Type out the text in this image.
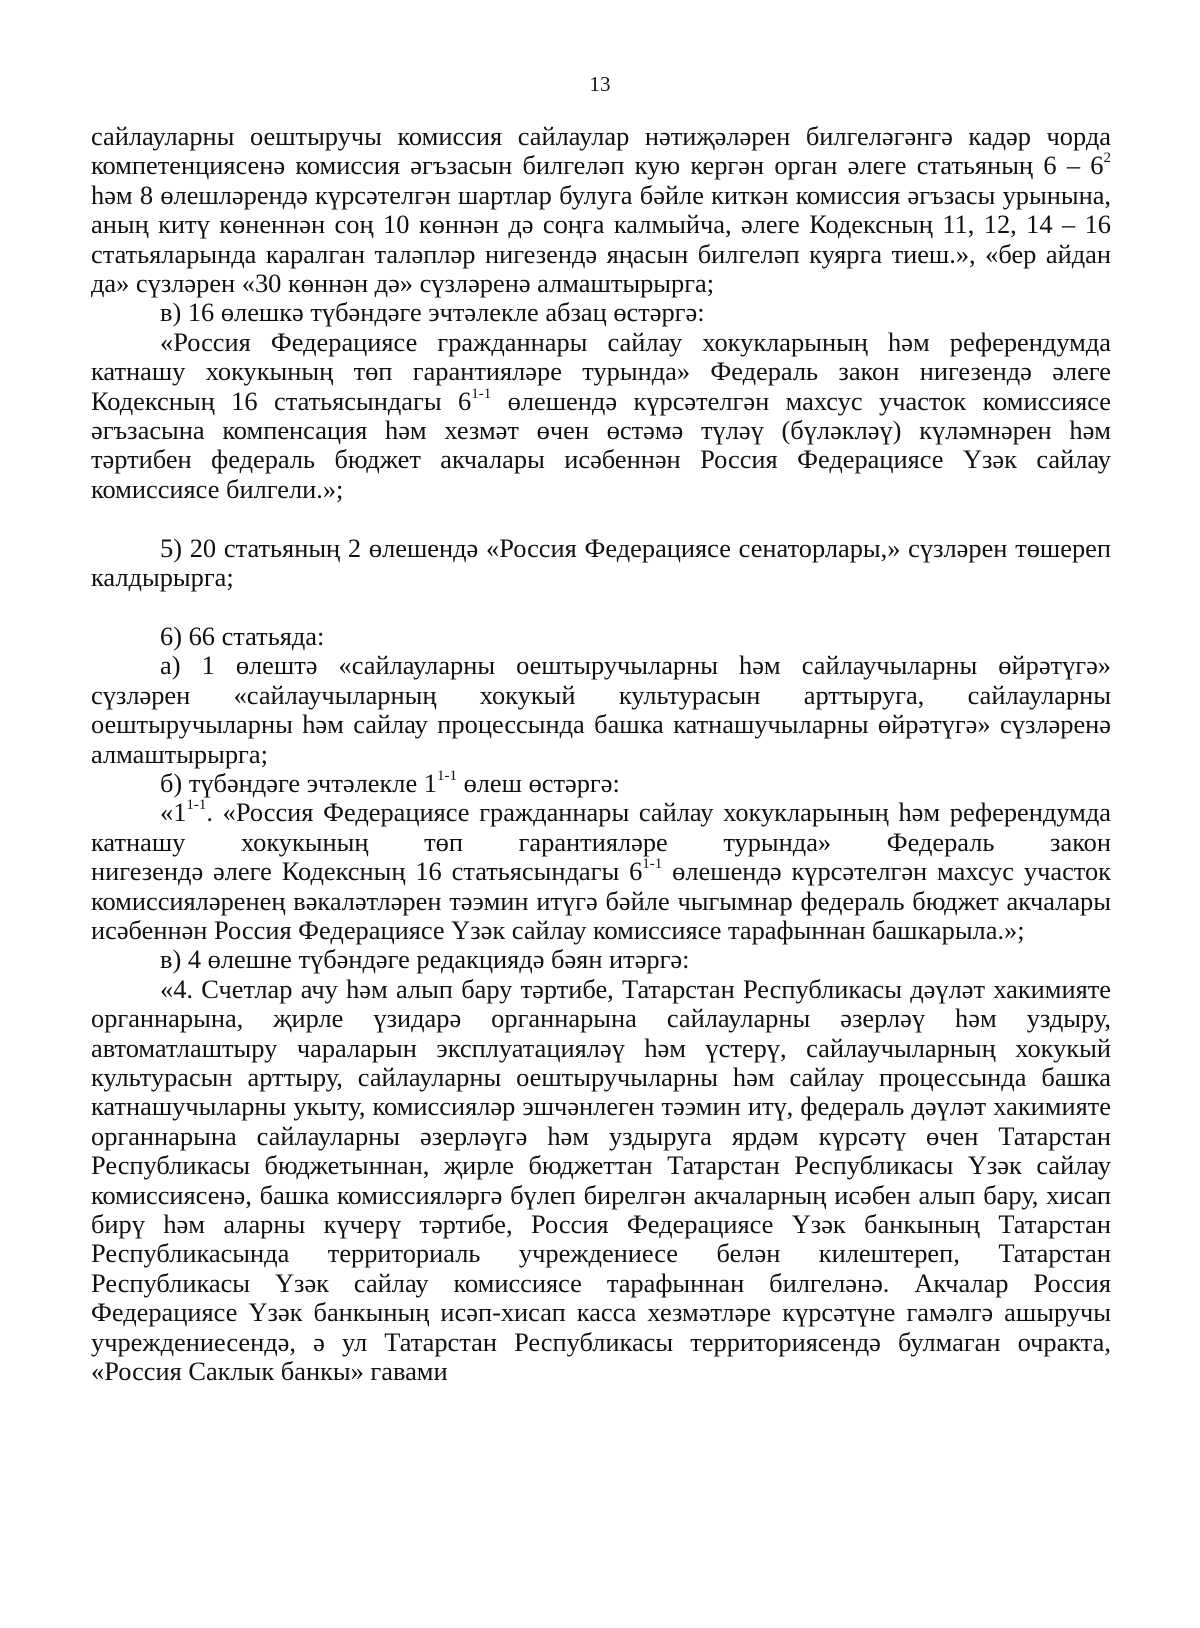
13

сайлауларны оештыручы комиссия сайлаулар нәтиҗәләрен билгеләгәнгә кадәр чорда компетенциясенә комиссия әгъзасын билгеләп кую кергән орган әлеге статьяның $6 - 6^2$ һәм 8 өлешләрендә күрсәтелгән шартлар булуга бәйле киткән комиссия әгъзасы урынына, аның китү көненнән соң 10 көннән дә соңга калмыйча, әлеге Кодексның 11, 12, 14 – 16 статьяларында каралган таләпләр нигезендә яңасын билгеләп куярга тиеш.», «бер айдан да» сүзләрен «30 көннән дә» сүзләренә алмаштырырга;

в) 16 өлешкә түбәндәге эчтәлекле абзац өстәргә:

«Россия Федерациясе гражданнары сайлау хокукларының һәм референдумда катнашу хокукының төп гарантияләре турында» Федераль закон нигезендә әлеге Кодексның 16 статьясындагы 6$^{1-1}$ өлешендә күрсәтелгән махсус участок комиссиясе әгъзасына компенсация һәм хезмәт өчен өстәмә түләү (бүләкләү) күләмнәрен һәм тәртибен федераль бюджет акчалары исәбеннән Россия Федерациясе Үзәк сайлау комиссиясе билгели.»;

5) 20 статьяның 2 өлешендә «Россия Федерациясе сенаторлары,» сүзләрен төшереп калдырырга;

6) 66 статьяда:

а) 1 өлештә «сайлауларны оештыручыларны һәм сайлаучыларны өйрәтүгә» сүзләрен «сайлаучыларның хокукый культурасын арттыруга, сайлауларны оештыручыларны һәм сайлау процессында башка катнашучыларны өйрәтүгә» сүзләренә алмаштырырга;

б) түбәндәге эчтәлекле 1$^{1-1}$ өлеш өстәргә:

«1$^{1-1}$. «Россия Федерациясе гражданнары сайлау хокукларының һәм референдумда катнашу хокукының төп гарантияләре турында» Федераль закон нигезендә әлеге Кодексның 16 статьясындагы 6$^{1-1}$ өлешендә күрсәтелгән махсус участок комиссияләренең вәкаләтләрен тәэмин итүгә бәйле чыгымнар федераль бюджет акчалары исәбеннән Россия Федерациясе Үзәк сайлау комиссиясе тарафыннан башкарыла.»;

в) 4 өлешне түбәндәге редакциядә бәян итәргә:

«4. Счетлар ачу һәм алып бару тәртибе, Татарстан Республикасы дәүләт хакимияте органнарына, җирле үзидарә органнарына сайлауларны әзерләү һәм уздыру, автоматлаштыру чараларын эксплуатацияләү һәм үстерү, сайлаучыларның хокукый культурасын арттыру, сайлауларны оештыручыларны һәм сайлау процессында башка катнашучыларны укыту, комиссияләр эшчәнлеген тәэмин итү, федераль дәүләт хакимияте органнарына сайлауларны әзерләүгә һәм уздыруга ярдәм күрсәтү өчен Татарстан Республикасы бюджетыннан, җирле бюджеттан Татарстан Республикасы Үзәк сайлау комиссиясенә, башка комиссияләргә бүлеп бирелгән акчаларның исәбен алып бару, хисап бирү һәм аларны күчерү тәртибе, Россия Федерациясе Үзәк банкының Татарстан Республикасында территориаль учреждениесе белән килештереп, Татарстан Республикасы Үзәк сайлау комиссиясе тарафыннан билгеләнә. Акчалар Россия Федерациясе Үзәк банкының исәп-хисап касса хезмәтләре күрсәтүне гамәлгә ашыручы учреждениесендә, ә ул Татарстан Республикасы территориясендә булмаган очракта, «Россия Саклык банкы» гавами
